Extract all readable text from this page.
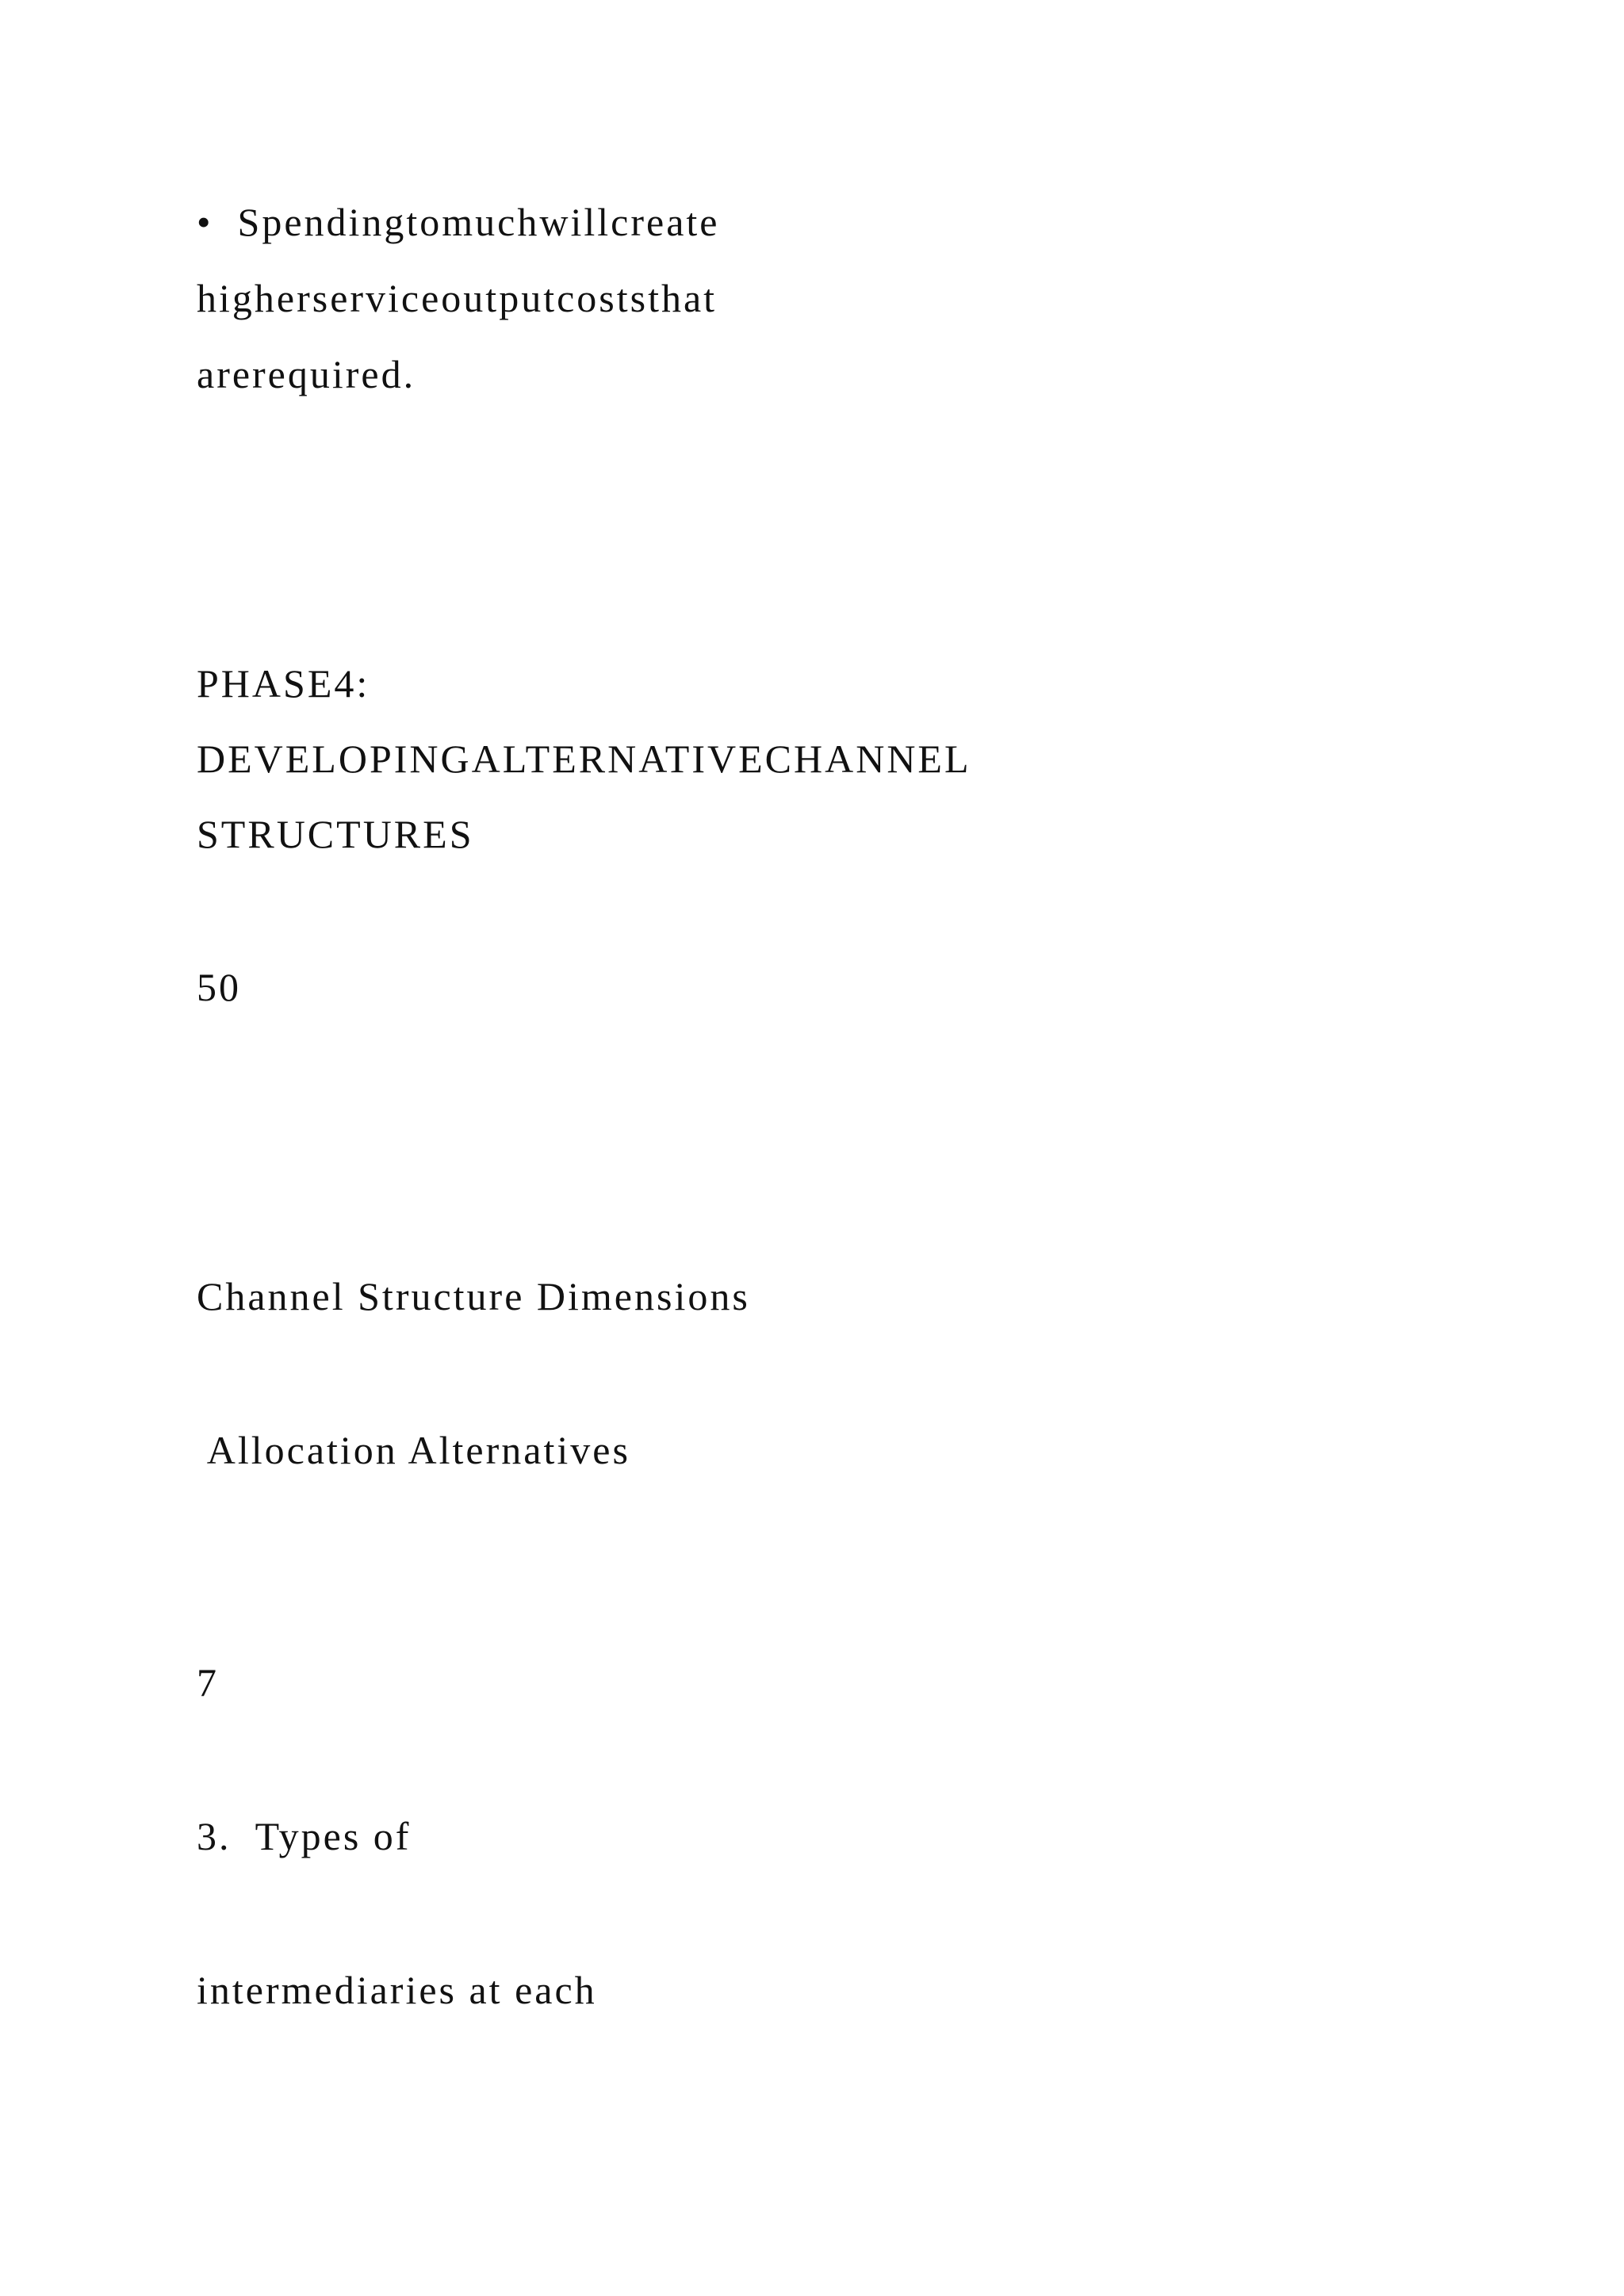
•  Spendingtomuchwillcreate
higherserviceoutputcoststhat
arerequired.
PHASE4:
DEVELOPINGALTERNATIVECHANNEL
STRUCTURES
50
Channel Structure Dimensions
Allocation Alternatives
7
3.  Types of
intermediaries at each
